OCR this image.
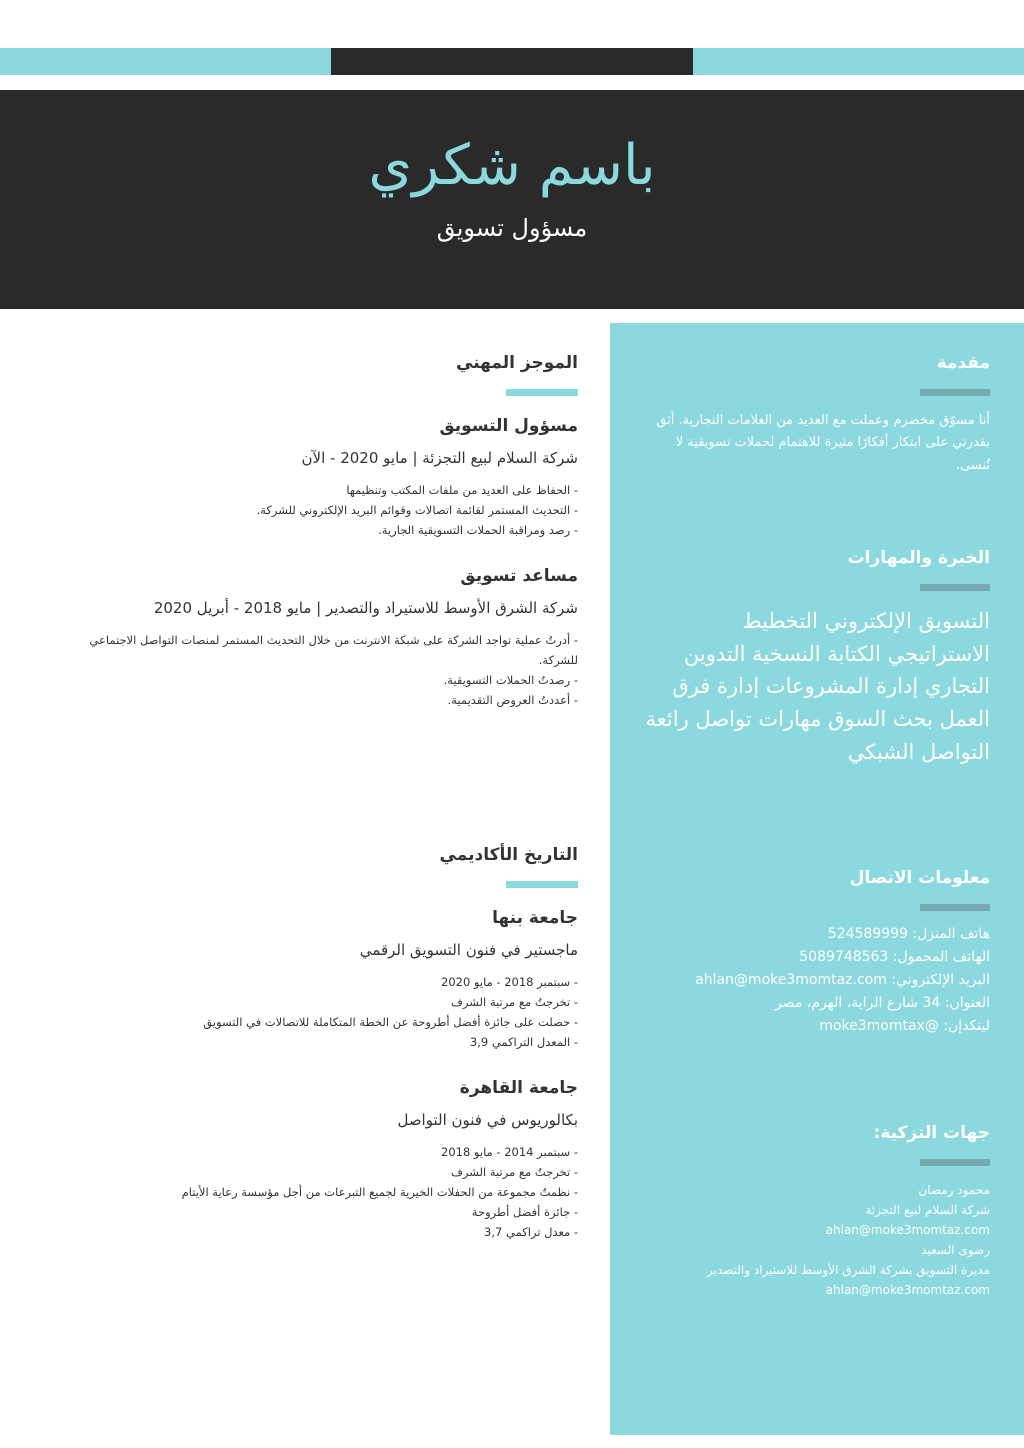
باسم شكري
مسؤول تسويق
مقدمة

أنا مسوّق مخضرم وعملت مع العديد من العلامات التجارية. أثق بقدرتي على ابتكار أفكارًا مثيرة للاهتمام لحملات تسويقية لا تُنسى.

الخبرة والمهارات

التسويق الإلكتروني التخطيط الاستراتيجي الكتابة النسخية التدوين التجاري إدارة المشروعات إدارة فرق العمل بحث السوق مهارات تواصل رائعة التواصل الشبكي

معلومات الاتصال
هاتف المنزل: 524589999
الهاتف المحمول: 5089748563
البريد الإلكتروني: ahlan@moke3momtaz.com
العنوان: 34 شارع الراية، الهرم، مصر
لينكدإن: @moke3momtax
جهات التزكية:
محمود رمضان
شركة السلام لبيع التجزئة
ahlan@moke3momtaz.com
رضوى السعيد
مديرة التسويق بشركة الشرق الأوسط للاستيراد والتصدير
ahlan@moke3momtaz.com
الموجز المهني
مسؤول التسويق

شركة السلام لبيع التجزئة | مايو 2020 - الآن

- الحفاظ على العديد من ملفات المكتب وتنظيمها
- التحديث المستمر لقائمة اتصالات وقوائم البريد الإلكتروني للشركة.
- رصد ومراقبة الحملات التسويقية الجارية.
مساعد تسويق

شركة الشرق الأوسط للاستيراد والتصدير | مايو 2018 - أبريل 2020

- أدرتُ عملية تواجد الشركة على شبكة الانترنت من خلال التحديث المستمر لمنصات التواصل الاجتماعي للشركة.
- رصدتُ الحملات التسويقية.
- أعددتُ العروض التقديمية.
التاريخ الأكاديمي
جامعة بنها

ماجستير في فنون التسويق الرقمي

- سبتمبر 2018 - مايو 2020
- تخرجتُ مع مرتبة الشرف
- حصلت على جائزة أفضل أطروحة عن الخطة المتكاملة للاتصالات في التسويق
- المعدل التراكمي 3,9
جامعة القاهرة

بكالوريوس في فنون التواصل

- سبتمبر 2014 - مايو 2018
- تخرجتُ مع مرتبة الشرف
- نظمتُ مجموعة من الحفلات الخيرية لجميع التبرعات من أجل مؤسسة رعاية الأيتام
- جائزة أفضل أطروحة
- معدل تراكمي 3,7
